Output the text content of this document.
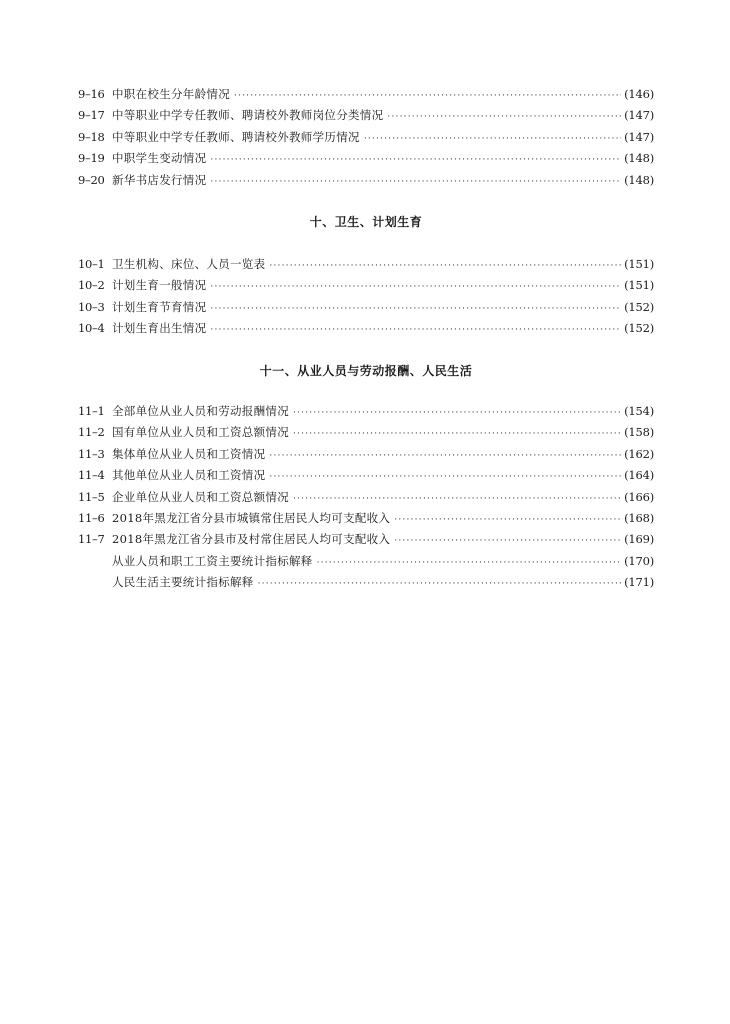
9–16 中职在校生分年龄情况 ·····	(146)
9–17 中等职业中学专任教师、聘请校外教师岗位分类情况 ·····	(147)
9–18 中等职业中学专任教师、聘请校外教师学历情况 ·····	(147)
9–19 中职学生变动情况 ·····	(148)
9–20 新华书店发行情况 ·····	(148)
十、卫生、计划生育
10–1 卫生机构、床位、人员一览表 ·····	(151)
10–2 计划生育一般情况 ·····	(151)
10–3 计划生育节育情况 ·····	(152)
10–4 计划生育出生情况 ·····	(152)
十一、从业人员与劳动报酬、人民生活
11–1 全部单位从业人员和劳动报酬情况 ·····	(154)
11–2 国有单位从业人员和工资总额情况 ·····	(158)
11–3 集体单位从业人员和工资情况 ·····	(162)
11–4 其他单位从业人员和工资情况 ·····	(164)
11–5 企业单位从业人员和工资总额情况 ·····	(166)
11–6 2018年黑龙江省分县市城镇常住居民人均可支配收入 ·····	(168)
11–7 2018年黑龙江省分县市及村常住居民人均可支配收入 ·····	(169)
从业人员和职工工资主要统计指标解释 ·····	(170)
人民生活主要统计指标解释 ·····	(171)
